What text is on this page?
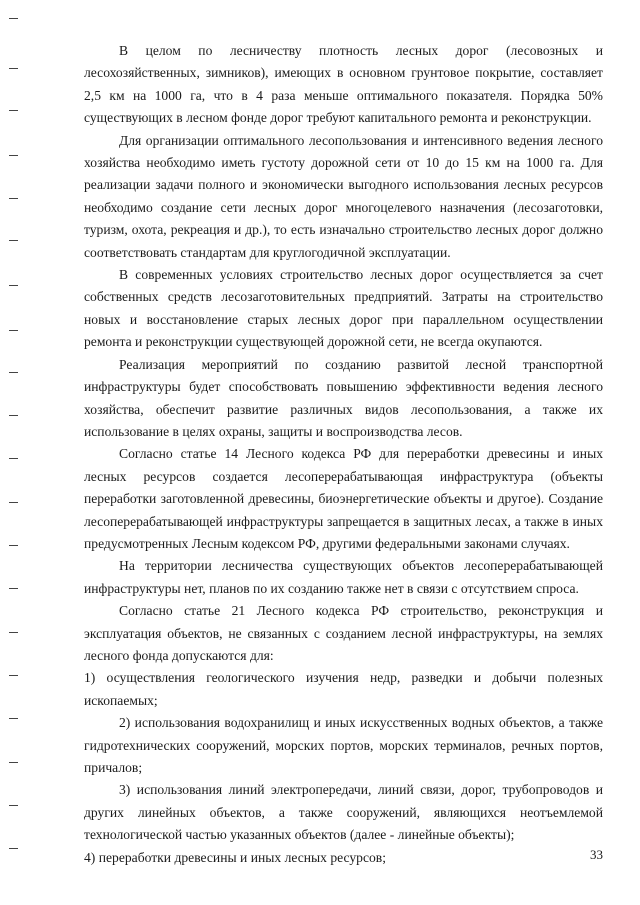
В целом по лесничеству плотность лесных дорог (лесовозных и лесохозяйственных, зимников), имеющих в основном грунтовое покрытие, составляет 2,5 км на 1000 га, что в 4 раза меньше оптимального показателя. Порядка 50% существующих в лесном фонде дорог требуют капитального ремонта и реконструкции.

Для организации оптимального лесопользования и интенсивного ведения лесного хозяйства необходимо иметь густоту дорожной сети от 10 до 15 км на 1000 га. Для реализации задачи полного и экономически выгодного использования лесных ресурсов необходимо создание сети лесных дорог многоцелевого назначения (лесозаготовки, туризм, охота, рекреация и др.), то есть изначально строительство лесных дорог должно соответствовать стандартам для круглогодичной эксплуатации.

В современных условиях строительство лесных дорог осуществляется за счет собственных средств лесозаготовительных предприятий. Затраты на строительство новых и восстановление старых лесных дорог при параллельном осуществлении ремонта и реконструкции существующей дорожной сети, не всегда окупаются.

Реализация мероприятий по созданию развитой лесной транспортной инфраструктуры будет способствовать повышению эффективности ведения лесного хозяйства, обеспечит развитие различных видов лесопользования, а также их использование в целях охраны, защиты и воспроизводства лесов.

Согласно статье 14 Лесного кодекса РФ для переработки древесины и иных лесных ресурсов создается лесоперерабатывающая инфраструктура (объекты переработки заготовленной древесины, биоэнергетические объекты и другое). Создание лесоперерабатывающей инфраструктуры запрещается в защитных лесах, а также в иных предусмотренных Лесным кодексом РФ, другими федеральными законами случаях.

На территории лесничества существующих объектов лесоперерабатывающей инфраструктуры нет, планов по их созданию также нет в связи с отсутствием спроса.

Согласно статье 21 Лесного кодекса РФ строительство, реконструкция и эксплуатация объектов, не связанных с созданием лесной инфраструктуры, на землях лесного фонда допускаются для:

1) осуществления геологического изучения недр, разведки и добычи полезных ископаемых;

2) использования водохранилищ и иных искусственных водных объектов, а также гидротехнических сооружений, морских портов, морских терминалов, речных портов, причалов;

3) использования линий электропередачи, линий связи, дорог, трубопроводов и других линейных объектов, а также сооружений, являющихся неотъемлемой технологической частью указанных объектов (далее - линейные объекты);

4) переработки древесины и иных лесных ресурсов;	33
